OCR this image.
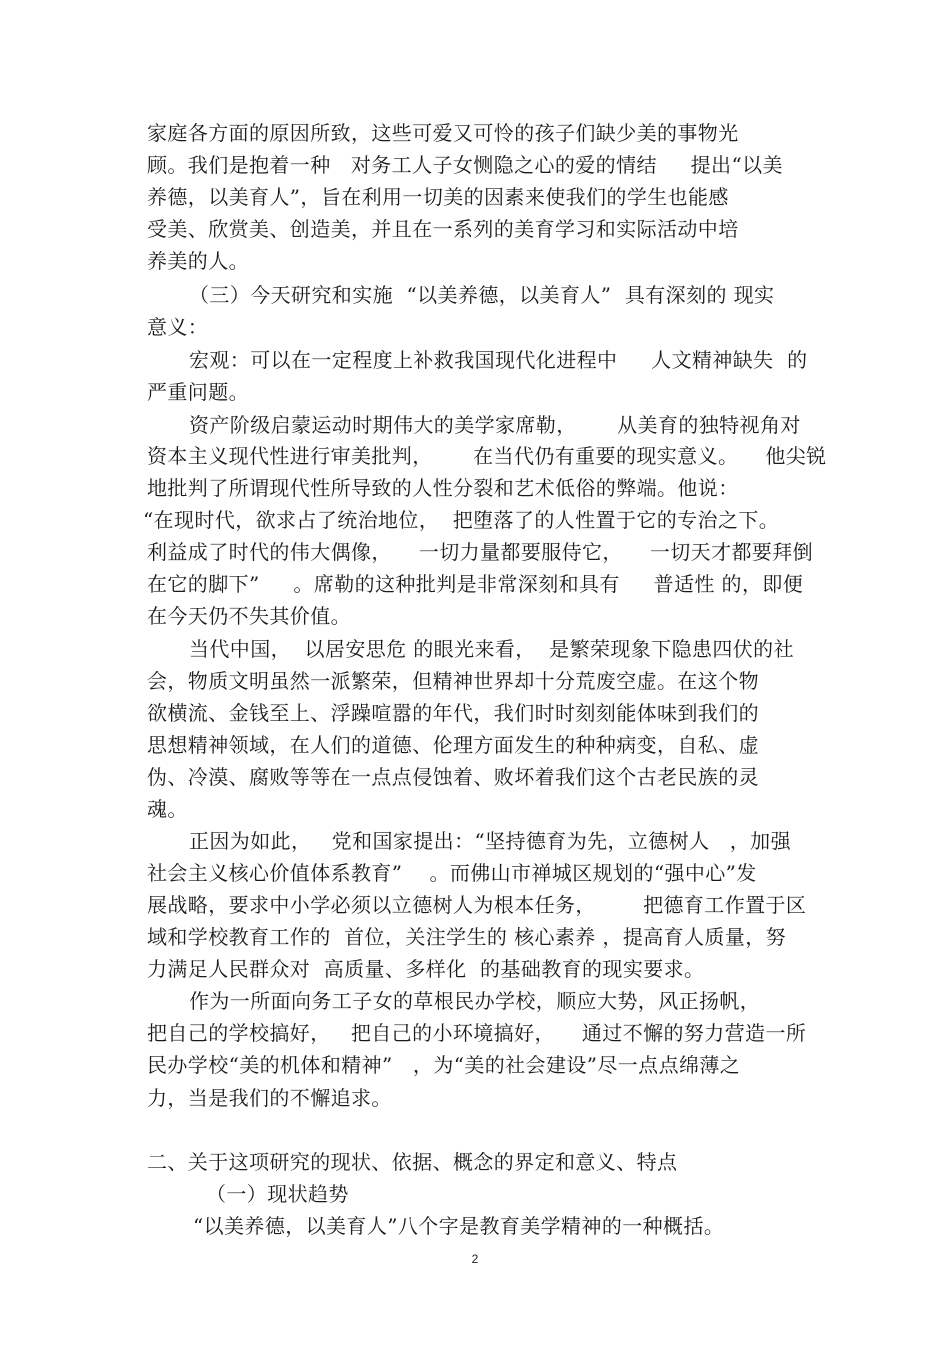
家庭各方面的原因所致，这些可爱又可怜的孩子们缺少美的事物光
顾。我们是抱着一种   对务工人子女恻隐之心的爱的情结     提出“以美
养德，以美育人”，旨在利用一切美的因素来使我们的学生也能感
受美、欣赏美、创造美，并且在一系列的美育学习和实际活动中培
养美的人。
（三）今天研究和实施  “以美养德，以美育人”  具有深刻的 现实
意义：
宏观：可以在一定程度上补救我国现代化进程中     人文精神缺失  的
严重问题。
资产阶级启蒙运动时期伟大的美学家席勒，      从美育的独特视角对
资本主义现代性进行审美批判，      在当代仍有重要的现实意义。    他尖锐
地批判了所谓现代性所导致的人性分裂和艺术低俗的弊端。他说：
“在现时代，欲求占了统治地位，  把堕落了的人性置于它的专治之下。
利益成了时代的伟大偶像，    一切力量都要服侍它，    一切天才都要拜倒
在它的脚下”     。席勒的这种批判是非常深刻和具有     普适性 的，即便
在今天仍不失其价值。
当代中国，  以居安思危 的眼光来看，  是繁荣现象下隐患四伏的社
会，物质文明虽然一派繁荣，但精神世界却十分荒废空虚。在这个物
欲横流、金钱至上、浮躁喧嚣的年代，我们时时刻刻能体味到我们的
思想精神领域，在人们的道德、伦理方面发生的种种病变，自私、虚
伪、冷漠、腐败等等在一点点侵蚀着、败坏着我们这个古老民族的灵
魂。
正因为如此，   党和国家提出：“坚持德育为先，立德树人   ，加强
社会主义核心价值体系教育”    。而佛山市禅城区规划的“强中心”发
展战略，要求中小学必须以立德树人为根本任务，       把德育工作置于区
域和学校教育工作的  首位，关注学生的 核心素养 ，提高育人质量，努
力满足人民群众对  高质量、多样化  的基础教育的现实要求。
作为一所面向务工子女的草根民办学校，顺应大势，风正扬帆，
把自己的学校搞好，   把自己的小环境搞好，    通过不懈的努力营造一所
民办学校“美的机体和精神”   ，为“美的社会建设”尽一点点绵薄之
力，当是我们的不懈追求。
二、关于这项研究的现状、依据、概念的界定和意义、特点
（一）现状趋势
“以美养德，以美育人”八个字是教育美学精神的一种概括。
2
